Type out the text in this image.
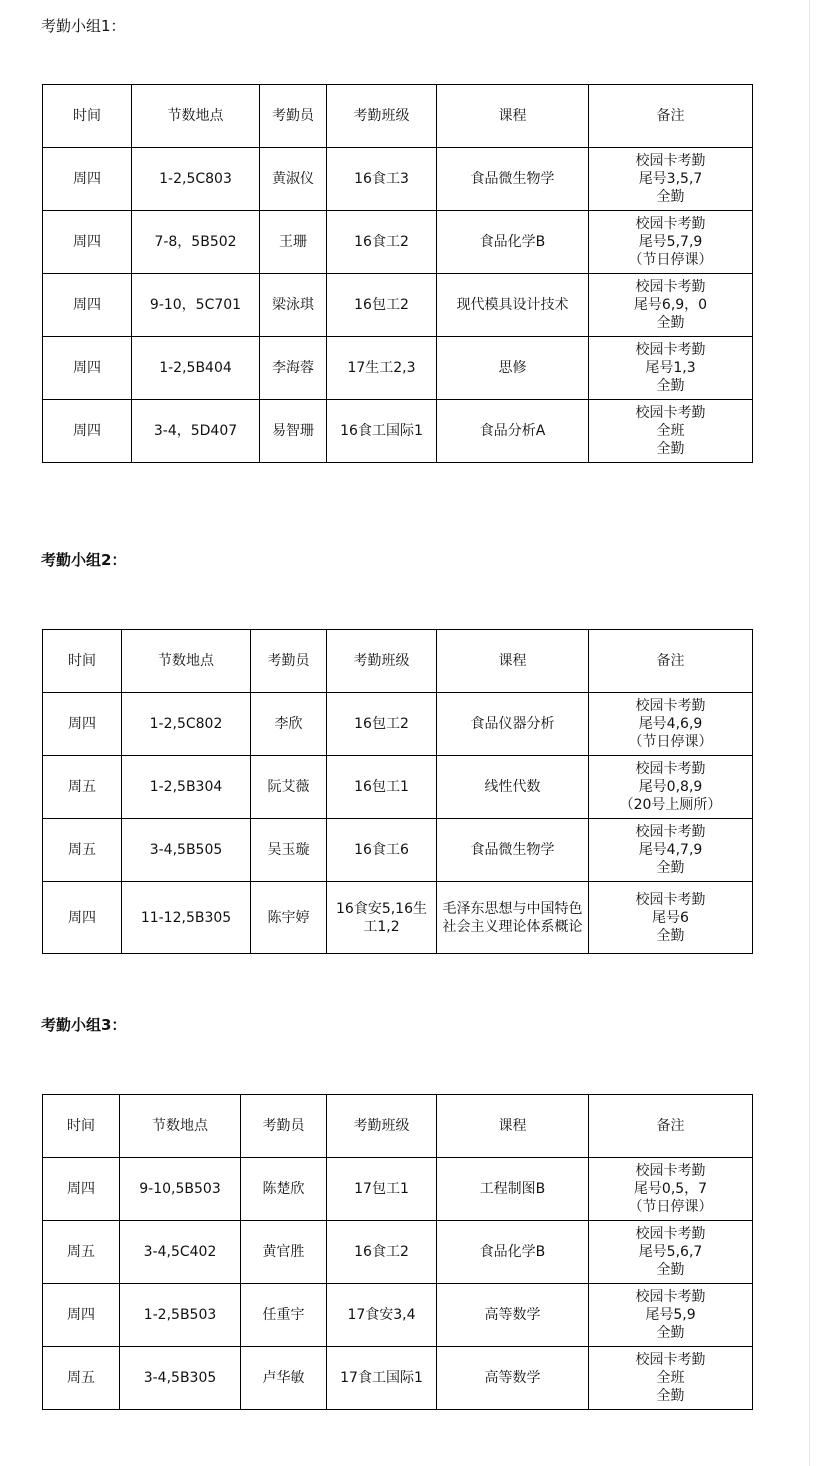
考勤小组1：
时间	节数地点	考勤员	考勤班级	课程	备注
周四	1-2,5C803	黄淑仪	16食工3	食品微生物学	校园卡考勤
尾号3,5,7
全勤

周四	7-8，5B502	王珊	16食工2	食品化学B	校园卡考勤
尾号5,7,9
（节日停课）

周四	9-10，5C701	梁泳琪	16包工2	现代模具设计技术	校园卡考勤
尾号6,9，0
全勤

周四	1-2,5B404	李海蓉	17生工2,3	思修	校园卡考勤
尾号1,3
全勤

周四	3-4，5D407	易智珊	16食工国际1	食品分析A	校园卡考勤
全班
全勤
考勤小组2：
时间	节数地点	考勤员	考勤班级	课程	备注
周四	1-2,5C802	李欣	16包工2	食品仪器分析	校园卡考勤
尾号4,6,9
（节日停课）

周五	1-2,5B304	阮艾薇	16包工1	线性代数	校园卡考勤
尾号0,8,9
（20号上厕所）

周五	3-4,5B505	吴玉璇	16食工6	食品微生物学	校园卡考勤
尾号4,7,9
全勤

周四	11-12,5B305	陈宇婷	16食安5,16生工1,2	毛泽东思想与中国特色社会主义理论体系概论	校园卡考勤
尾号6
全勤
考勤小组3：
时间	节数地点	考勤员	考勤班级	课程	备注
周四	9-10,5B503	陈楚欣	17包工1	工程制图B	校园卡考勤
尾号0,5，7
（节日停课）

周五	3-4,5C402	黄官胜	16食工2	食品化学B	校园卡考勤
尾号5,6,7
全勤

周四	1-2,5B503	任重宇	17食安3,4	高等数学	校园卡考勤
尾号5,9
全勤

周五	3-4,5B305	卢华敏	17食工国际1	高等数学	校园卡考勤
全班
全勤
